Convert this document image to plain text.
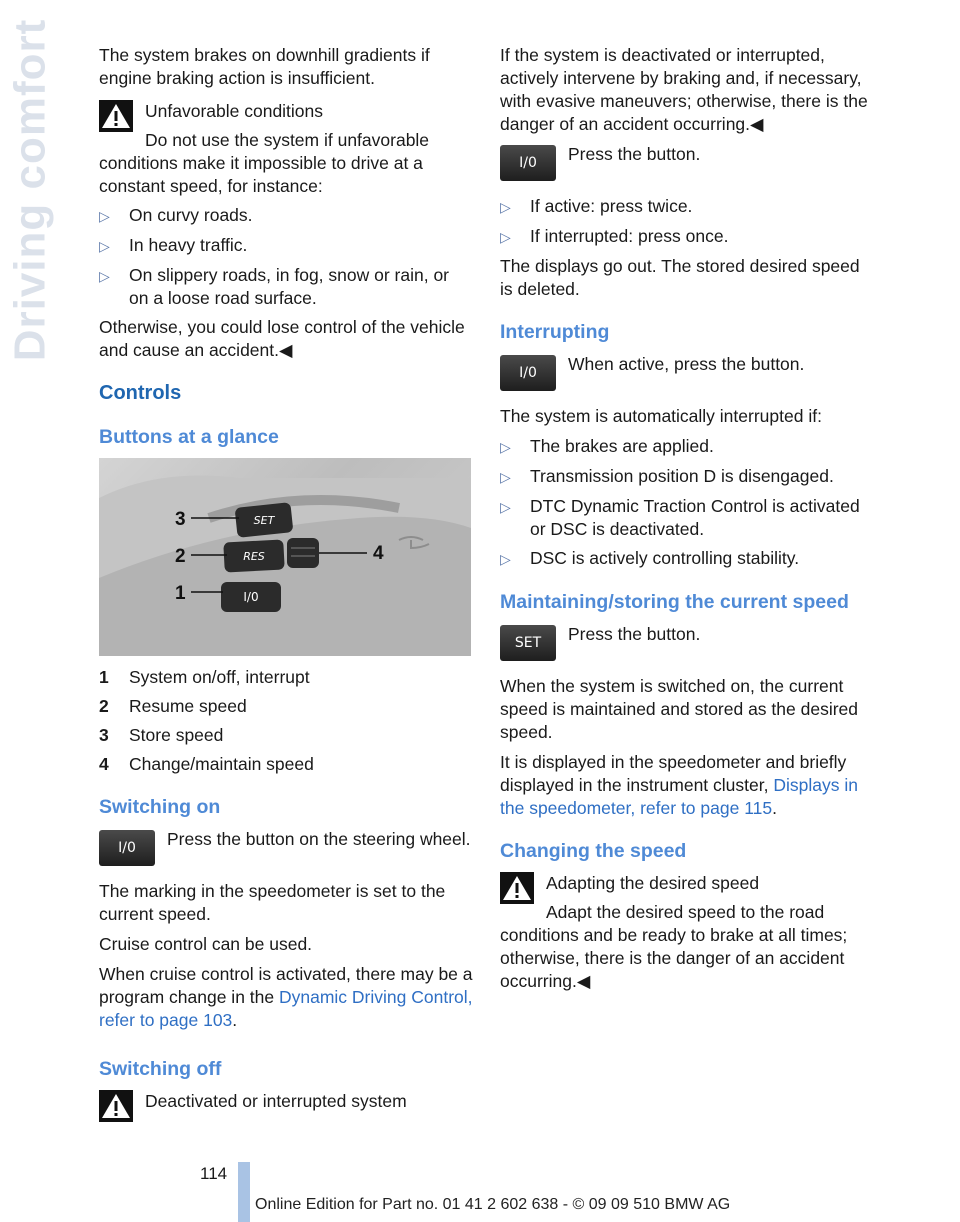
Driving comfort	The system brakes on downhill gradients if engine braking action is insufficient.

Unfavorable conditions
Do not use the system if unfavorable conditions make it impossible to drive at a constant speed, for instance:
▷	On curvy roads.
▷	In heavy traffic.
▷	On slippery roads, in fog, snow or rain, or on a loose road surface.

Otherwise, you could lose control of the vehicle and cause an accident.◀

Controls
Buttons at a glance
SET
RES
I/0
3
2
1
4
1	System on/off, interrupt
2	Resume speed
3	Store speed
4	Change/maintain speed
Switching on
I/0	Press the button on the steering wheel.

The marking in the speedometer is set to the current speed.

Cruise control can be used.

When cruise control is activated, there may be a program change in the Dynamic Driving Control, refer to page 103.

Switching off
Deactivated or interrupted system

If the system is deactivated or interrupted, actively intervene by braking and, if necessary, with evasive maneuvers; otherwise, there is the danger of an accident occurring.◀

I/0	Press the button.
▷	If active: press twice.
▷	If interrupted: press once.

The displays go out. The stored desired speed is deleted.

Interrupting
I/0	When active, press the button.

The system is automatically interrupted if:

▷	The brakes are applied.
▷	Transmission position D is disengaged.
▷	DTC Dynamic Traction Control is activated or DSC is deactivated.
▷	DSC is actively controlling stability.
Maintaining/storing the current speed
SET	Press the button.

When the system is switched on, the current speed is maintained and stored as the desired speed.

It is displayed in the speedometer and briefly displayed in the instrument cluster, Displays in the speedometer, refer to page 115.

Changing the speed
Adapting the desired speed
Adapt the desired speed to the road conditions and be ready to brake at all times; otherwise, there is the danger of an accident occurring.◀
114
Online Edition for Part no. 01 41 2 602 638 - © 09 09 510 BMW AG
